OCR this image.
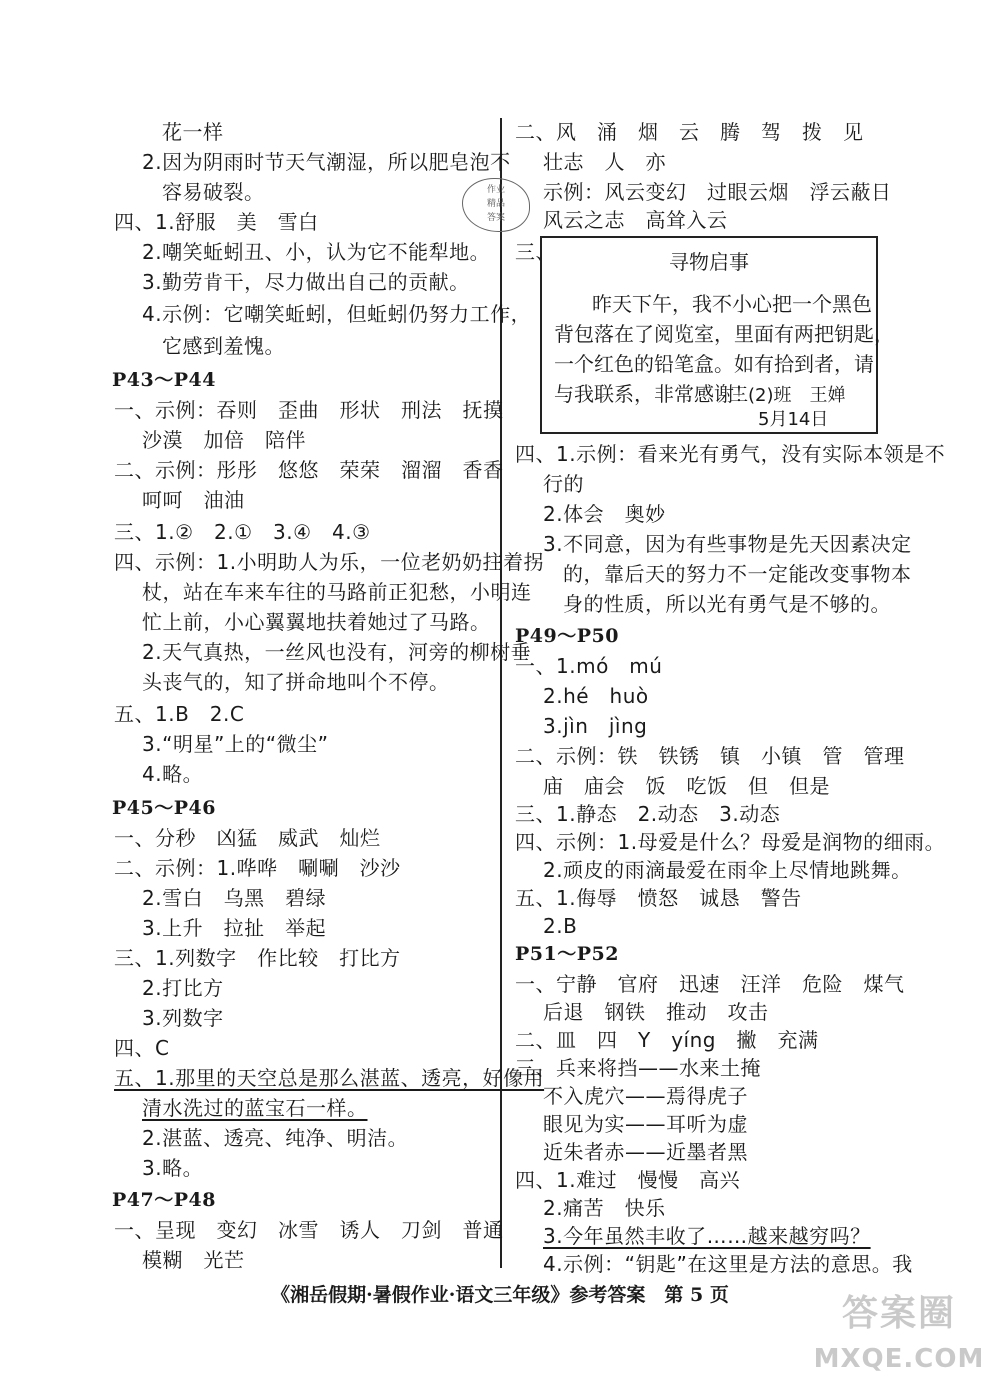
花一样
2.因为阴雨时节天气潮湿，所以肥皂泡不
容易破裂。
四、1.舒服　美　雪白
2.嘲笑蚯蚓丑、小，认为它不能犁地。
3.勤劳肯干，尽力做出自己的贡献。
4.示例：它嘲笑蚯蚓，但蚯蚓仍努力工作，
它感到羞愧。
P43～P44
一、示例：吞则　歪曲　形状　刑法　抚摸
沙漠　加倍　陪伴
二、示例：彤彤　悠悠　荣荣　溜溜　香香
呵呵　油油
三、1.②　2.①　3.④　4.③
四、示例：1.小明助人为乐，一位老奶奶拄着拐
杖，站在车来车往的马路前正犯愁，小明连
忙上前，小心翼翼地扶着她过了马路。
2.天气真热，一丝风也没有，河旁的柳树垂
头丧气的，知了拼命地叫个不停。
五、1.B　2.C
3.“明星”上的“微尘”
4.略。
P45～P46
一、分秒　凶猛　威武　灿烂
二、示例：1.哗哗　唰唰　沙沙
2.雪白　乌黑　碧绿
3.上升　拉扯　举起
三、1.列数字　作比较　打比方
2.打比方
3.列数字
四、C
五、1.那里的天空总是那么湛蓝、透亮，好像用
清水洗过的蓝宝石一样。
2.湛蓝、透亮、纯净、明洁。
3.略。
P47～P48
一、呈现　变幻　冰雪　诱人　刀剑　普通
模糊　光芒
作业
精品
答案
二、风　涌　烟　云　腾　驾　拨　见
壮志　人　亦
示例：风云变幻　过眼云烟　浮云蔽日
风云之志　高耸入云
三、	寻物启事
昨天下午，我不小心把一个黑色
背包落在了阅览室，里面有两把钥匙，
一个红色的铅笔盒。如有拾到者，请
与我联系，非常感谢！
三(2)班　王婵
5月14日
四、1.示例：看来光有勇气，没有实际本领是不
行的
2.体会　奥妙
3.不同意，因为有些事物是先天因素决定
的，靠后天的努力不一定能改变事物本
身的性质，所以光有勇气是不够的。
P49～P50
一、1.mó　mú
2.hé　huò
3.jìn　jìng
二、示例：铁　铁锈　镇　小镇　管　管理
庙　庙会　饭　吃饭　但　但是
三、1.静态　2.动态　3.动态
四、示例：1.母爱是什么？母爱是润物的细雨。
2.顽皮的雨滴最爱在雨伞上尽情地跳舞。
五、1.侮辱　愤怒　诚恳　警告
2.B
P51～P52
一、宁静　官府　迅速　汪洋　危险　煤气
后退　钢铁　推动　攻击
二、皿　四　Y　yíng　撇　充满
三、兵来将挡——水来土掩
不入虎穴——焉得虎子
眼见为实——耳听为虚
近朱者赤——近墨者黑
四、1.难过　慢慢　高兴
2.痛苦　快乐
3.今年虽然丰收了……越来越穷吗？
《湘岳假期·暑假作业·语文三年级》参考答案　第 5 页	答案圈
MXQE.COM
4.示例：“钥匙”在这里是方法的意思。我
